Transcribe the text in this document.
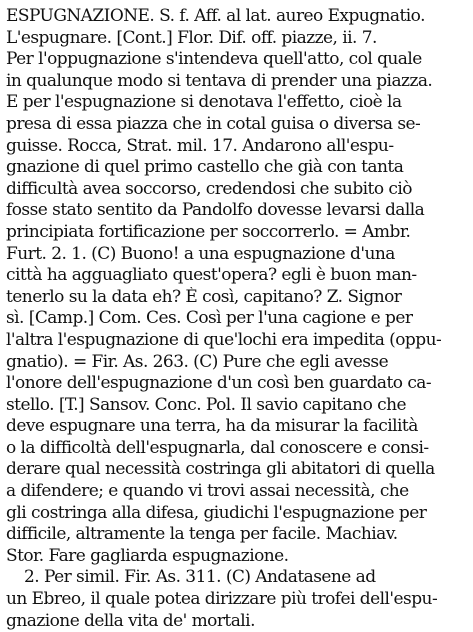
ESPUGNAZIONE. S. f. Aff. al lat. aureo Expugnatio.
L'espugnare. [Cont.] Flor. Dif. off. piazze, ii. 7.
Per l'oppugnazione s'intendeva quell'atto, col quale
in qualunque modo si tentava di prender una piazza.
E per l'espugnazione si denotava l'effetto, cioè la
presa di essa piazza che in cotal guisa o diversa se-
guisse. Rocca, Strat. mil. 17. Andarono all'espu-
gnazione di quel primo castello che già con tanta
difficultà avea soccorso, credendosi che subito ciò
fosse stato sentito da Pandolfo dovesse levarsi dalla
principiata fortificazione per soccorrerlo. = Ambr.
Furt. 2. 1. (C) Buono! a una espugnazione d'una
città ha agguagliato quest'opera? egli è buon man-
tenerlo su la data eh? È così, capitano? Z. Signor
sì. [Camp.] Com. Ces. Così per l'una cagione e per
l'altra l'espugnazione di que'lochi era impedita (oppu-
gnatio). = Fir. As. 263. (C) Pure che egli avesse
l'onore dell'espugnazione d'un così ben guardato ca-
stello. [T.] Sansov. Conc. Pol. Il savio capitano che
deve espugnare una terra, ha da misurar la facilità
o la difficoltà dell'espugnarla, dal conoscere e consi-
derare qual necessità costringa gli abitatori di quella
a difendere; e quando vi trovi assai necessità, che
gli costringa alla difesa, giudichi l'espugnazione per
difficile, altramente la tenga per facile. Machiav.
Stor. Fare gagliarda espugnazione.
2. Per simil. Fir. As. 311. (C) Andatasene ad
un Ebreo, il quale potea dirizzare più trofei dell'espu-
gnazione della vita de' mortali.
